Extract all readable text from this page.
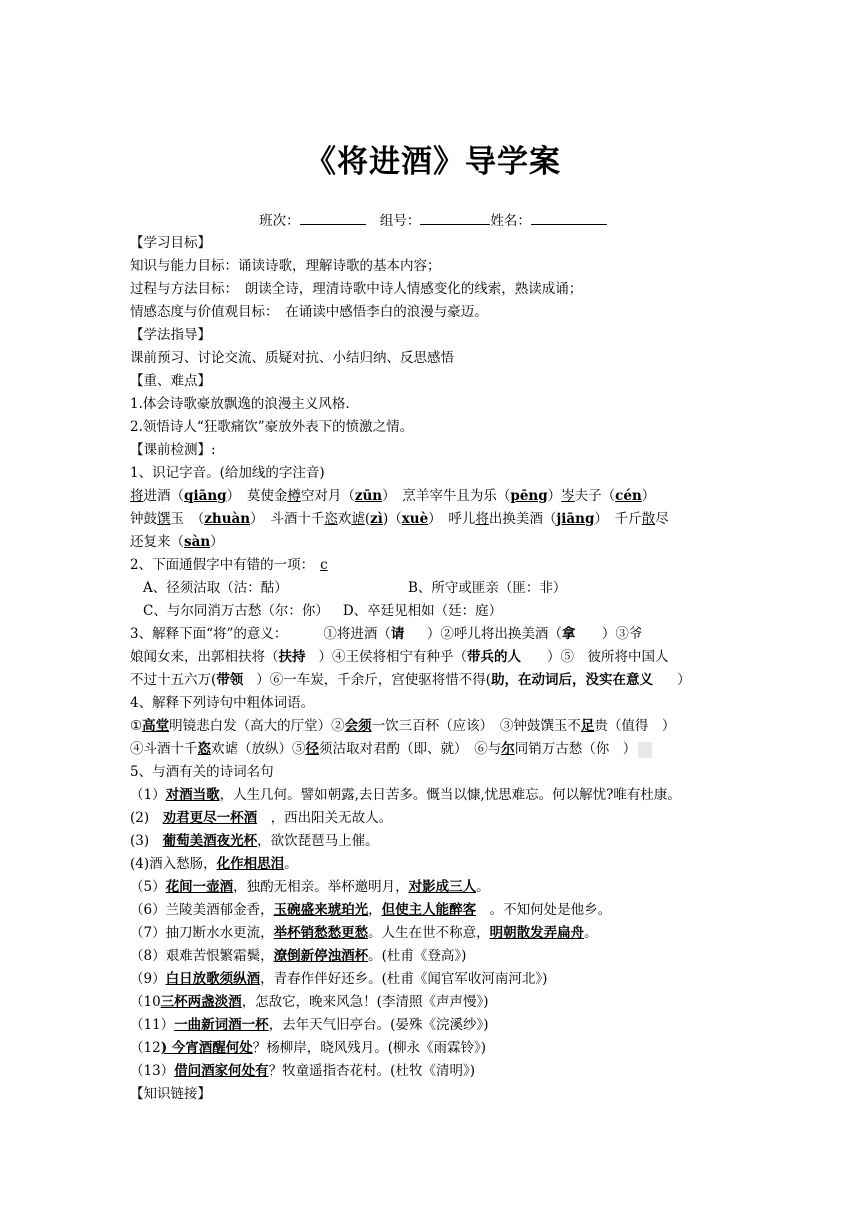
《将进酒》导学案
班次：	组号：	姓名：
【学习目标】
知识与能力目标：诵读诗歌，理解诗歌的基本内容；
过程与方法目标：　朗读全诗，理清诗歌中诗人情感变化的线索，熟读成诵；
情感态度与价值观目标：　在诵读中感悟李白的浪漫与豪迈。
【学法指导】
课前预习、讨论交流、质疑对抗、小结归纳、反思感悟
【重、难点】
1.体会诗歌豪放飘逸的浪漫主义风格.
2.领悟诗人“狂歌痛饮”豪放外表下的愤激之情。
【课前检测】:
1、识记字音。(给加线的字注音)
将进酒（qiāng）　莫使金樽空对月（zūn）　烹羊宰牛且为乐（pēng）岑夫子（cén）
钟鼓馔玉　（zhuàn）　斗酒十千恣欢谑(zì)（xuè）　呼儿将出换美酒（jiāng）　千斤散尽
还复来（sàn）
2、下面通假字中有错的一项： c
A、径须沽取（沽：酤）	B、所守或匪亲（匪：非）
C、与尔同消万古愁（尔：你） D、卒廷见相如（廷：庭）
3、解释下面“将”的意义：	①将进酒（请 ）②呼儿将出换美酒（拿 ）③爷
娘闻女来，出郭相扶将（扶持 ）④王侯将相宁有种乎（带兵的人 ）⑤　彼所将中国人
不过十五六万(带领 ）⑥一车炭，千余斤，宫使驱将惜不得(助，在动词后，没实在意义 ）
4、解释下列诗句中粗体词语。
①高堂明镜悲白发（高大的厅堂）②会须一饮三百杯（应该）　③钟鼓馔玉不足贵（值得　）
④斗酒十千恣欢谑（放纵）⑤径须沽取对君酌（即、就）　⑥与尔同销万古愁（你　）
5、与酒有关的诗词名句
（1）对酒当歌，人生几何。譬如朝露,去日苦多。慨当以慷,忧思难忘。何以解忧?唯有杜康。
(2)　劝君更尽一杯酒　，西出阳关无故人。
(3)　葡萄美酒夜光杯，欲饮琵琶马上催。
(4)酒入愁肠，化作相思泪。
（5）花间一壶酒，独酌无相亲。举杯邀明月，对影成三人。
（6）兰陵美酒郁金香，玉碗盛来琥珀光，但使主人能醉客　。不知何处是他乡。
（7）抽刀断水水更流，举杯销愁愁更愁。人生在世不称意，明朝散发弄扁舟。
（8）艰难苦恨繁霜鬓，潦倒新停浊酒杯。(杜甫《登高》)
（9）白日放歌须纵酒，青春作伴好还乡。(杜甫《闻官军收河南河北》)
（10三杯两盏淡酒，怎敌它，晚来风急！(李清照《声声慢》)
（11）一曲新词酒一杯，去年天气旧亭台。(晏殊《浣溪纱》)
（12) 今宵酒醒何处？杨柳岸，晓风残月。(柳永《雨霖铃》)
（13）借问酒家何处有？牧童遥指杏花村。(杜牧《清明》)
【知识链接】
